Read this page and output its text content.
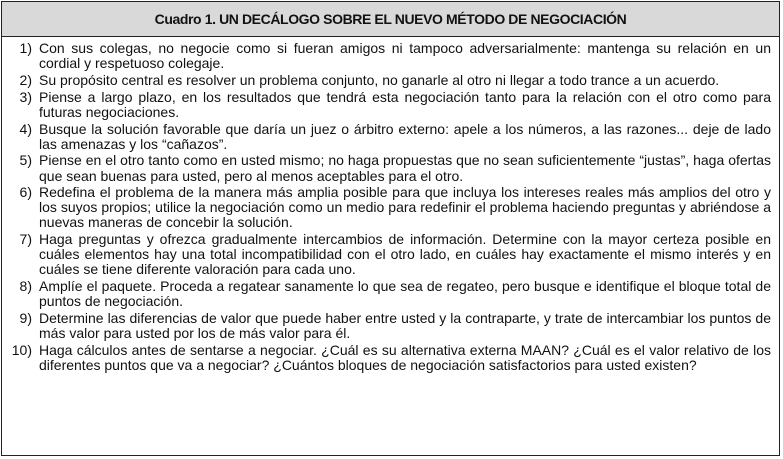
Cuadro 1. UN DECÁLOGO SOBRE EL NUEVO MÉTODO DE NEGOCIACIÓN
1) Con sus colegas, no negocie como si fueran amigos ni tampoco adversarialmente: mantenga su relación en un cordial y respetuoso colegaje.
2) Su propósito central es resolver un problema conjunto, no ganarle al otro ni llegar a todo trance a un acuerdo.
3) Piense a largo plazo, en los resultados que tendrá esta negociación tanto para la relación con el otro como para futuras negociaciones.
4) Busque la solución favorable que daría un juez o árbitro externo: apele a los números, a las razones... deje de lado las amenazas y los “cañazos”.
5) Piense en el otro tanto como en usted mismo; no haga propuestas que no sean suficientemente “justas”, haga ofertas que sean buenas para usted, pero al menos aceptables para el otro.
6) Redefina el problema de la manera más amplia posible para que incluya los intereses reales más amplios del otro y los suyos propios; utilice la negociación como un medio para redefinir el problema haciendo preguntas y abriéndose a nuevas maneras de concebir la solución.
7) Haga preguntas y ofrezca gradualmente intercambios de información. Determine con la mayor certeza posible en cuáles elementos hay una total incompatibilidad con el otro lado, en cuáles hay exactamente el mismo interés y en cuáles se tiene diferente valoración para cada uno.
8) Amplíe el paquete. Proceda a regatear sanamente lo que sea de regateo, pero busque e identifique el bloque total de puntos de negociación.
9) Determine las diferencias de valor que puede haber entre usted y la contraparte, y trate de intercambiar los puntos de más valor para usted por los de más valor para él.
10) Haga cálculos antes de sentarse a negociar. ¿Cuál es su alternativa externa MAAN? ¿Cuál es el valor relativo de los diferentes puntos que va a negociar? ¿Cuántos bloques de negociación satisfactorios para usted existen?
